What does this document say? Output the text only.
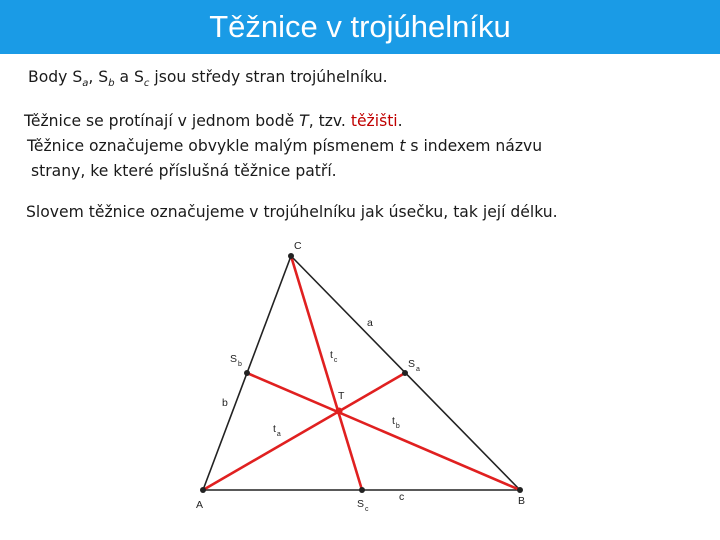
Těžnice v trojúhelníku
Body $S_a$, $S_b$ a $S_c$ jsou středy stran trojúhelníku.
Těžnice se protínají v jednom bodě T, tzv. těžišti.
Těžnice označujeme obvykle malým písmenem t s indexem názvu
strany, ke které příslušná těžnice patří.
Slovem těžnice označujeme v trojúhelníku jak úsečku, tak její délku.
C
A	B
a
b
c
T
$S_a$
$S_b$
$S_c$
$t_a$
$t_b$
$t_c$
